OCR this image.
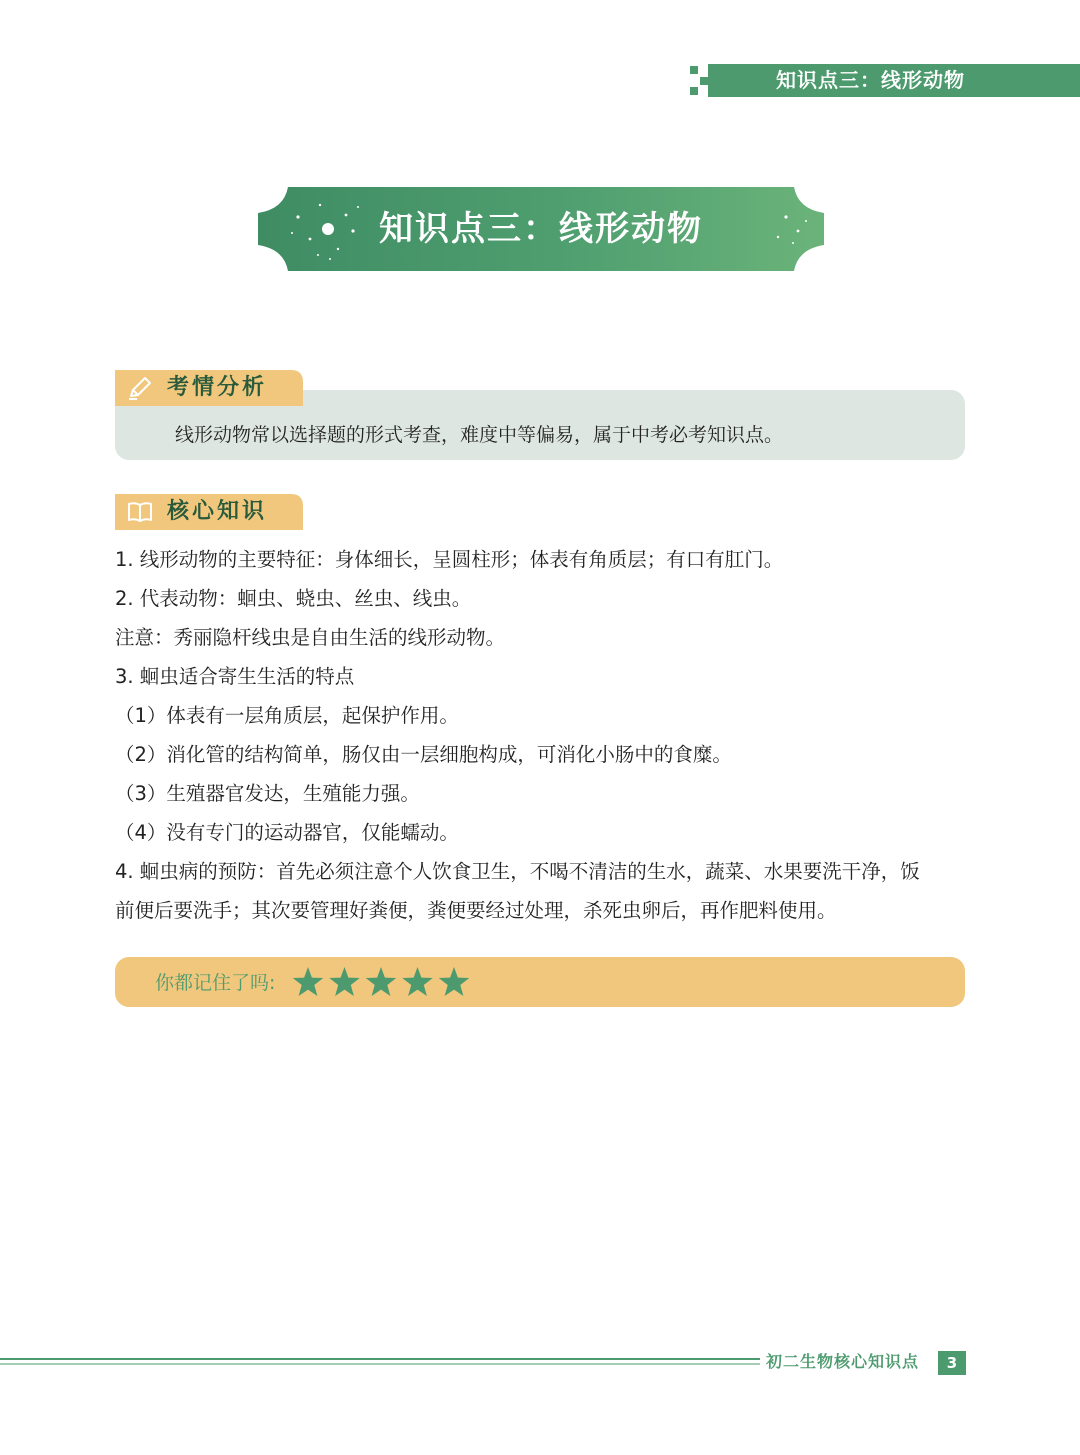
知识点三：线形动物
知识点三：线形动物
考情分析
线形动物常以选择题的形式考查，难度中等偏易，属于中考必考知识点。
核心知识
1. 线形动物的主要特征：身体细长，呈圆柱形；体表有角质层；有口有肛门。
2. 代表动物：蛔虫、蛲虫、丝虫、线虫。
注意：秀丽隐杆线虫是自由生活的线形动物。
3. 蛔虫适合寄生生活的特点
（1）体表有一层角质层，起保护作用。
（2）消化管的结构简单，肠仅由一层细胞构成，可消化小肠中的食糜。
（3）生殖器官发达，生殖能力强。
（4）没有专门的运动器官，仅能蠕动。
4. 蛔虫病的预防：首先必须注意个人饮食卫生，不喝不清洁的生水，蔬菜、水果要洗干净，饭
前便后要洗手；其次要管理好粪便，粪便要经过处理，杀死虫卵后，再作肥料使用。
你都记住了吗:
初二生物核心知识点	3
